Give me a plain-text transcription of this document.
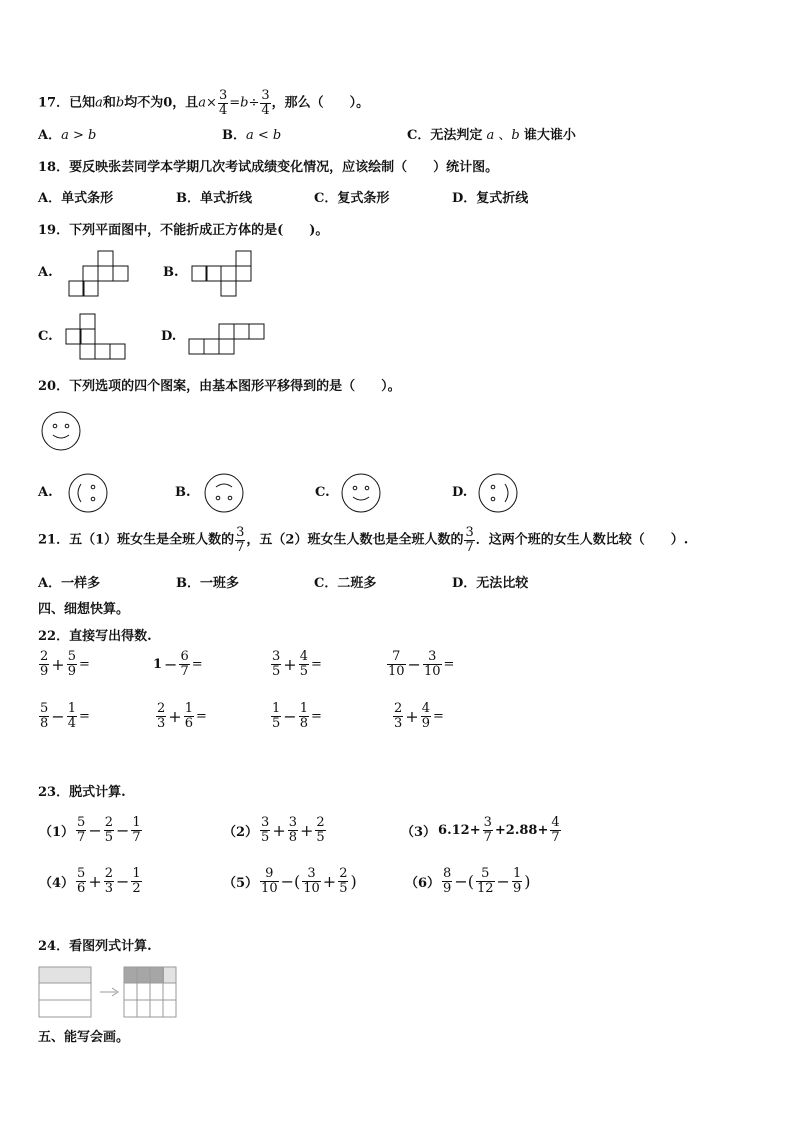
17．已知a和b均不为0，且$a\times \frac{3}{4} =b\div \frac{3}{4}$ ，那么（　　）。
A．a > b	B．a < b	C．无法判定 a 、b 谁大谁小
18．要反映张芸同学本学期几次考试成绩变化情况，应该绘制（　　）统计图。
A．单式条形	B．单式折线	C．复式条形	D．复式折线
19．下列平面图中，不能折成正方体的是(　　)。
A.	B.
C.	D.
20．下列选项的四个图案，由基本图形平移得到的是（　　）。
A.	B.	C.	D.
21．五（1）班女生是全班人数的 $\frac{3}{7}$ ，五（2）班女生人数也是全班人数的 $\frac{3}{7}$ ．这两个班的女生人数比较（　　）.
A．一样多	B．一班多	C．二班多	D．无法比较
四、细想快算。
22．直接写出得数.
$\frac{2}{9} + \frac{5}{9}$ =	$1 - \frac{6}{7}$ =	$\frac{3}{5} + \frac{4}{5}$ =	$\frac{7}{10} - \frac{3}{10}$ =
$\frac{5}{8} - \frac{1}{4}$ =	$\frac{2}{3} + \frac{1}{6}$ =	$\frac{1}{5} - \frac{1}{8}$ =	$\frac{2}{3} + \frac{4}{9}$ =
23．脱式计算.
$(1) \frac{5}{7} - \frac{2}{5} - \frac{1}{7}$	$(2) \frac{3}{5} + \frac{3}{8} + \frac{2}{5}$	（3） $6.12+ \frac{3}{7} +2.88+ \frac{4}{7}$
$(4) \frac{5}{6} + \frac{2}{3} - \frac{1}{2}$	$(5) \frac{9}{10}$ −( $\frac{3}{10} + \frac{2}{5}$ )	$(6) \frac{8}{9}$ −( $\frac{5}{12} - \frac{1}{9}$ )
24．看图列式计算.
五、能写会画。
